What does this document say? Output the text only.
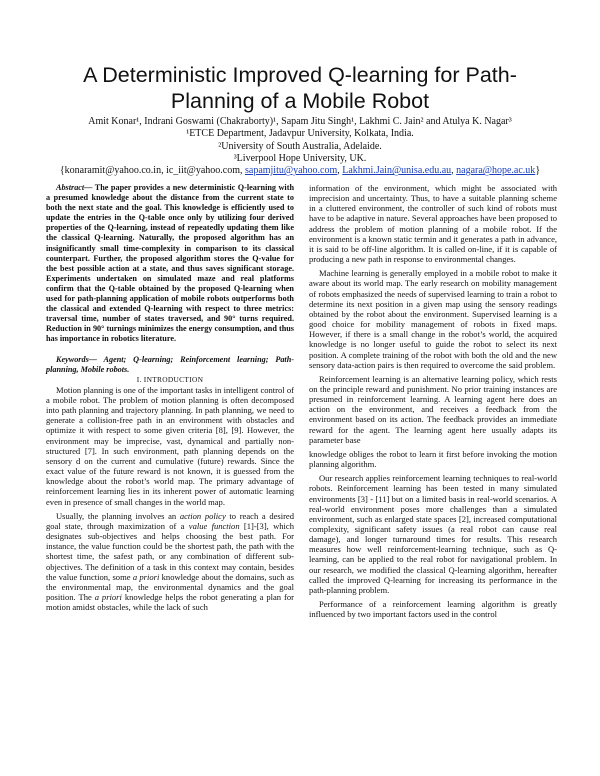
A Deterministic Improved Q-learning for Path-
Planning of a Mobile Robot
Amit Konar¹, Indrani Goswami (Chakraborty)¹, Sapam Jitu Singh¹, Lakhmi C. Jain² and Atulya K. Nagar³
¹ETCE Department, Jadavpur University, Kolkata, India.
²University of South Australia, Adelaide.
³Liverpool Hope University, UK.
{konaramit@yahoo.co.in, ic_iit@yahoo.com, sapamjitu@yahoo.com, Lakhmi.Jain@unisa.edu.au, nagara@hope.ac.uk}

Abstract— The paper provides a new deterministic Q-learning with a presumed knowledge about the distance from the current state to both the next state and the goal. This knowledge is efficiently used to update the entries in the Q-table once only by utilizing four derived properties of the Q-learning, instead of repeatedly updating them like the classical Q-learning. Naturally, the proposed algorithm has an insignificantly small time-complexity in comparison to its classical counterpart. Further, the proposed algorithm stores the Q-value for the best possible action at a state, and thus saves significant storage. Experiments undertaken on simulated maze and real platforms confirm that the Q-table obtained by the proposed Q-learning when used for path-planning application of mobile robots outperforms both the classical and extended Q-learning with respect to three metrics: traversal time, number of states traversed, and 90° turns required. Reduction in 90° turnings minimizes the energy consumption, and thus has importance in robotics literature.

Keywords— Agent; Q-learning; Reinforcement learning; Path-planning, Mobile robots.

I. INTRODUCTION

Motion planning is one of the important tasks in intelligent control of a mobile robot. The problem of motion planning is often decomposed into path planning and trajectory planning. In path planning, we need to generate a collision-free path in an environment with obstacles and optimize it with respect to some given criteria [8], [9]. However, the environment may be imprecise, vast, dynamical and partially non-structured [7]. In such environment, path planning depends on the sensory d on the current and cumulative (future) rewards. Since the exact value of the future reward is not known, it is guessed from the knowledge about the robot’s world map. The primary advantage of reinforcement learning lies in its inherent power of automatic learning even in presence of small changes in the world map.

Usually, the planning involves an action policy to reach a desired goal state, through maximization of a value function [1]-[3], which designates sub-objectives and helps choosing the best path. For instance, the value function could be the shortest path, the path with the shortest time, the safest path, or any combination of different sub-objectives. The definition of a task in this context may contain, besides the value function, some a priori knowledge about the domains, such as the environmental map, the environmental dynamics and the goal position. The a priori knowledge helps the robot generating a plan for motion amidst obstacles, while the lack of such

information of the environment, which might be associated with imprecision and uncertainty. Thus, to have a suitable planning scheme in a cluttered environment, the controller of such kind of robots must have to be adaptive in nature. Several approaches have been proposed to address the problem of motion planning of a mobile robot. If the environment is a known static termin and it generates a path in advance, it is said to be off-line algorithm. It is called on-line, if it is capable of producing a new path in response to environmental changes.

Machine learning is generally employed in a mobile robot to make it aware about its world map. The early research on mobility management of robots emphasized the needs of supervised learning to train a robot to determine its next position in a given map using the sensory readings obtained by the robot about the environment. Supervised learning is a good choice for mobility management of robots in fixed maps. However, if there is a small change in the robot’s world, the acquired knowledge is no longer useful to guide the robot to select its next position. A complete training of the robot with both the old and the new sensory data-action pairs is then required to overcome the said problem.

Reinforcement learning is an alternative learning policy, which rests on the principle reward and punishment. No prior training instances are presumed in reinforcement learning. A learning agent here does an action on the environment, and receives a feedback from the environment based on its action. The feedback provides an immediate reward for the agent. The learning agent here usually adapts its parameter base

knowledge obliges the robot to learn it first before invoking the motion planning algorithm.

Our research applies reinforcement learning techniques to real-world robots. Reinforcement learning has been tested in many simulated environments [3] - [11] but on a limited basis in real-world scenarios. A real-world environment poses more challenges than a simulated environment, such as enlarged state spaces [2], increased computational complexity, significant safety issues (a real robot can cause real damage), and longer turnaround times for results. This research measures how well reinforcement-learning technique, such as Q-learning, can be applied to the real robot for navigational problem. In our research, we modified the classical Q-learning algorithm, hereafter called the improved Q-learning for increasing its performance in the path-planning problem.

Performance of a reinforcement learning algorithm is greatly influenced by two important factors used in the control
